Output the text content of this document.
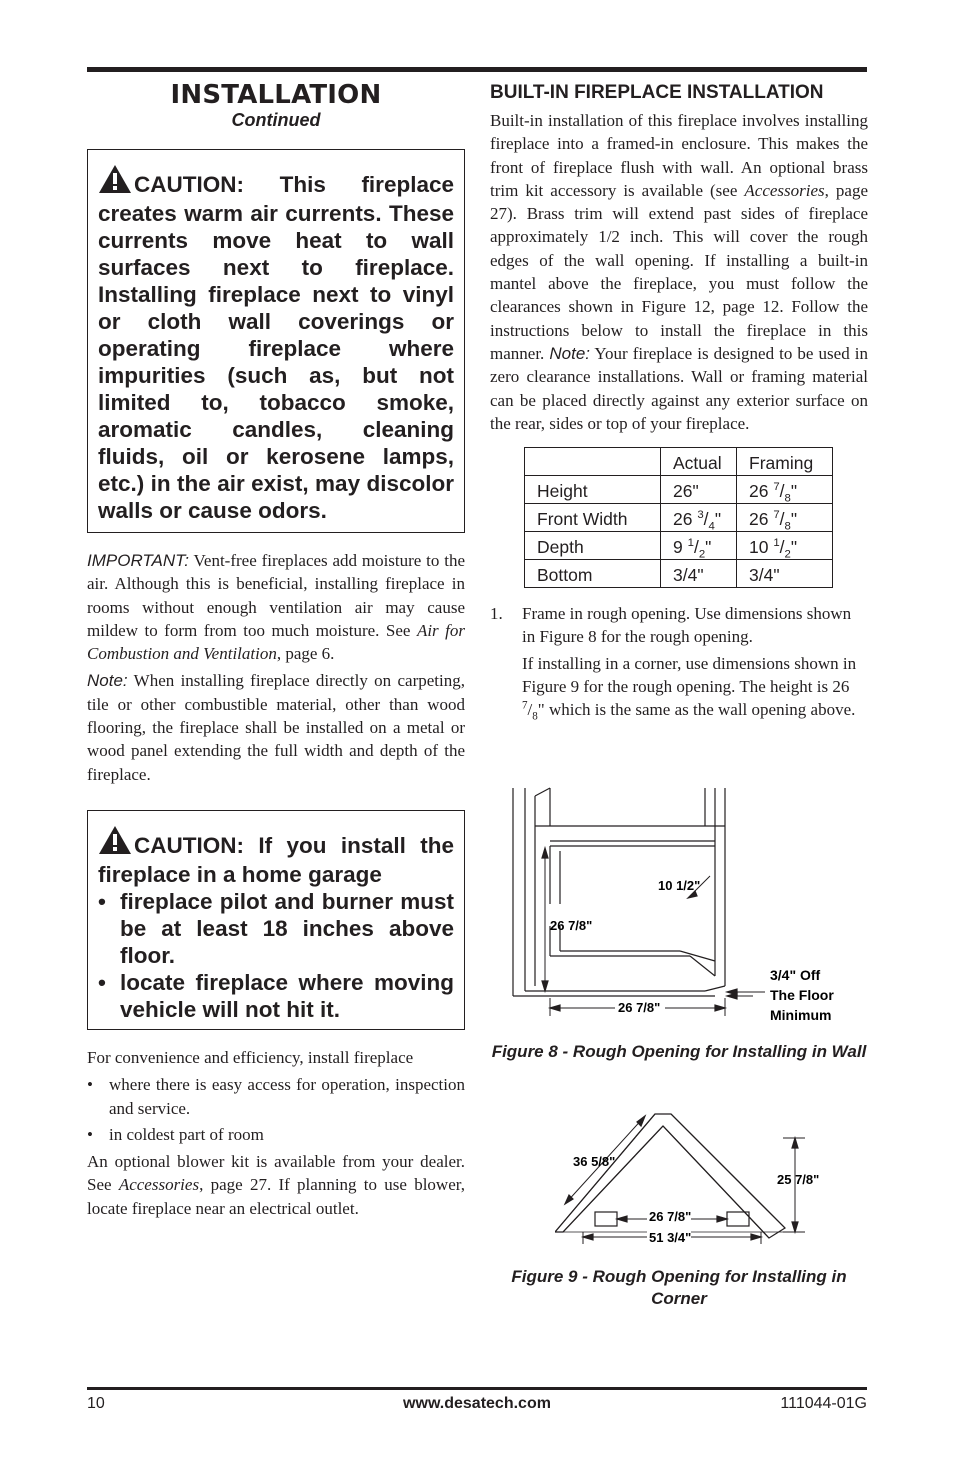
INSTALLATION
Continued
CAUTION: This fireplace creates warm air currents. These currents move heat to wall surfaces next to fireplace. Installing fireplace next to vinyl or cloth wall coverings or operating fireplace where impurities (such as, but not limited to, tobacco smoke, aromatic candles, cleaning fluids, oil or kerosene lamps, etc.) in the air exist, may discolor walls or cause odors.

IMPORTANT: Vent-free fireplaces add moisture to the air. Although this is beneficial, installing fireplace in rooms without enough ventilation air may cause mildew to form from too much moisture. See Air for Combustion and Ventilation, page 6.

Note: When installing fireplace directly on carpeting, tile or other combustible material, other than wood flooring, the fireplace shall be installed on a metal or wood panel extending the full width and depth of the fireplace.

CAUTION: If you install the fireplace in a home garage
• fireplace pilot and burner must be at least 18 inches above floor.
• locate fireplace where moving vehicle will not hit it.

For convenience and efficiency, install fireplace

• where there is easy access for operation, inspection and service.
• in coldest part of room

An optional blower kit is available from your dealer. See Accessories, page 27. If planning to use blower, locate fireplace near an electrical outlet.

BUILT-IN FIREPLACE INSTALLATION

Built-in installation of this fireplace involves installing fireplace into a framed-in enclosure. This makes the front of fireplace flush with wall. An optional brass trim kit accessory is available (see Accessories, page 27). Brass trim will extend past sides of fireplace approximately 1/2 inch. This will cover the rough edges of the wall opening. If installing a built-in mantel above the fireplace, you must follow the clearances shown in Figure 12, page 12. Follow the instructions below to install the fireplace in this manner. Note: Your fireplace is designed to be used in zero clearance installations. Wall or framing material can be placed directly against any exterior surface on the rear, sides or top of your fireplace.

	Actual	Framing
Height	26"	26 $^7/_8$"
Front Width	26 $^3/_4$"	26 $^7/_8$"
Depth	9 $^1/_2$"	10 $^1/_2$"
Bottom	3/4"	3/4"
1. Frame in rough opening. Use dimensions shown in Figure 8 for the rough opening.

If installing in a corner, use dimensions shown in Figure 9 for the rough opening. The height is 26 $^7/_8$" which is the same as the wall opening above.

26 7/8"
10 1/2"
26 7/8"
3/4" Off
The Floor
Minimum
Figure 8 - Rough Opening for Installing in Wall
36 5/8"
25 7/8"
26 7/8"
51 3/4"
Figure 9 - Rough Opening for Installing in Corner
10	www.desatech.com	111044-01G
